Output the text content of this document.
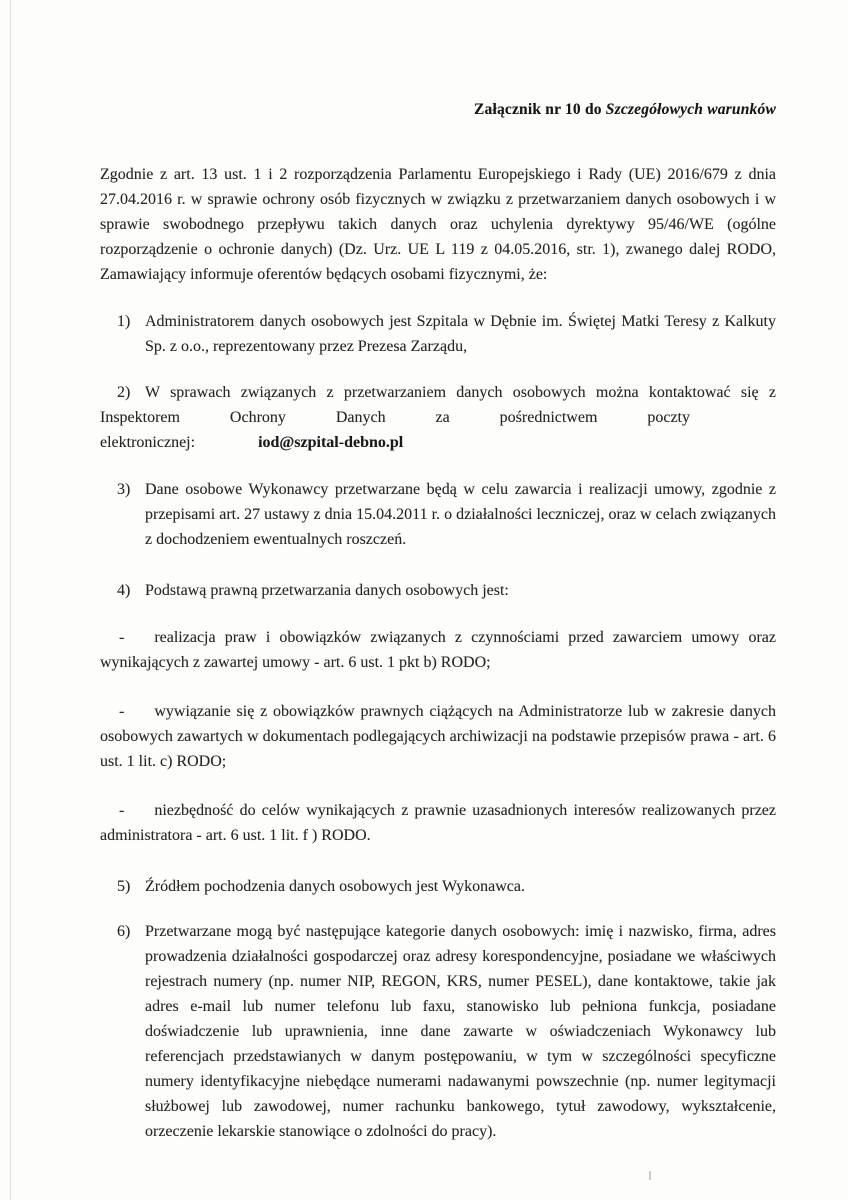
Załącznik nr 10 do Szczegółowych warunków

Zgodnie z art. 13 ust. 1 i 2 rozporządzenia Parlamentu Europejskiego i Rady (UE) 2016/679 z dnia 27.04.2016 r. w sprawie ochrony osób fizycznych w związku z przetwarzaniem danych osobowych i w sprawie swobodnego przepływu takich danych oraz uchylenia dyrektywy 95/46/WE (ogólne rozporządzenie o ochronie danych) (Dz. Urz. UE L 119 z 04.05.2016, str. 1), zwanego dalej RODO, Zamawiający informuje oferentów będących osobami fizycznymi, że:

1) Administratorem danych osobowych jest Szpitala w Dębnie im. Świętej Matki Teresy z Kalkuty Sp. z o.o., reprezentowany przez Prezesa Zarządu,
2) W sprawach związanych z przetwarzaniem danych osobowych można kontaktować się z
Inspektorem Ochrony Danych za pośrednictwem poczty
elektronicznej:	iod@szpital-debno.pl
3) Dane osobowe Wykonawcy przetwarzane będą w celu zawarcia i realizacji umowy, zgodnie z przepisami art. 27 ustawy z dnia 15.04.2011 r. o działalności leczniczej, oraz w celach związanych z dochodzeniem ewentualnych roszczeń.
4) Podstawą prawną przetwarzania danych osobowych jest:
- realizacja praw i obowiązków związanych z czynnościami przed zawarciem umowy oraz wynikających z zawartej umowy - art. 6 ust. 1 pkt b) RODO;
- wywiązanie się z obowiązków prawnych ciążących na Administratorze lub w zakresie danych osobowych zawartych w dokumentach podlegających archiwizacji na podstawie przepisów prawa - art. 6 ust. 1 lit. c) RODO;
- niezbędność do celów wynikających z prawnie uzasadnionych interesów realizowanych przez administratora - art. 6 ust. 1 lit. f ) RODO.
5) Źródłem pochodzenia danych osobowych jest Wykonawca.
6) Przetwarzane mogą być następujące kategorie danych osobowych: imię i nazwisko, firma, adres prowadzenia działalności gospodarczej oraz adresy korespondencyjne, posiadane we właściwych rejestrach numery (np. numer NIP, REGON, KRS, numer PESEL), dane kontaktowe, takie jak adres e-mail lub numer telefonu lub faxu, stanowisko lub pełniona funkcja, posiadane doświadczenie lub uprawnienia, inne dane zawarte w oświadczeniach Wykonawcy lub referencjach przedstawianych w danym postępowaniu, w tym w szczególności specyficzne numery identyfikacyjne niebędące numerami nadawanymi powszechnie (np. numer legitymacji służbowej lub zawodowej, numer rachunku bankowego, tytuł zawodowy, wykształcenie, orzeczenie lekarskie stanowiące o zdolności do pracy).
